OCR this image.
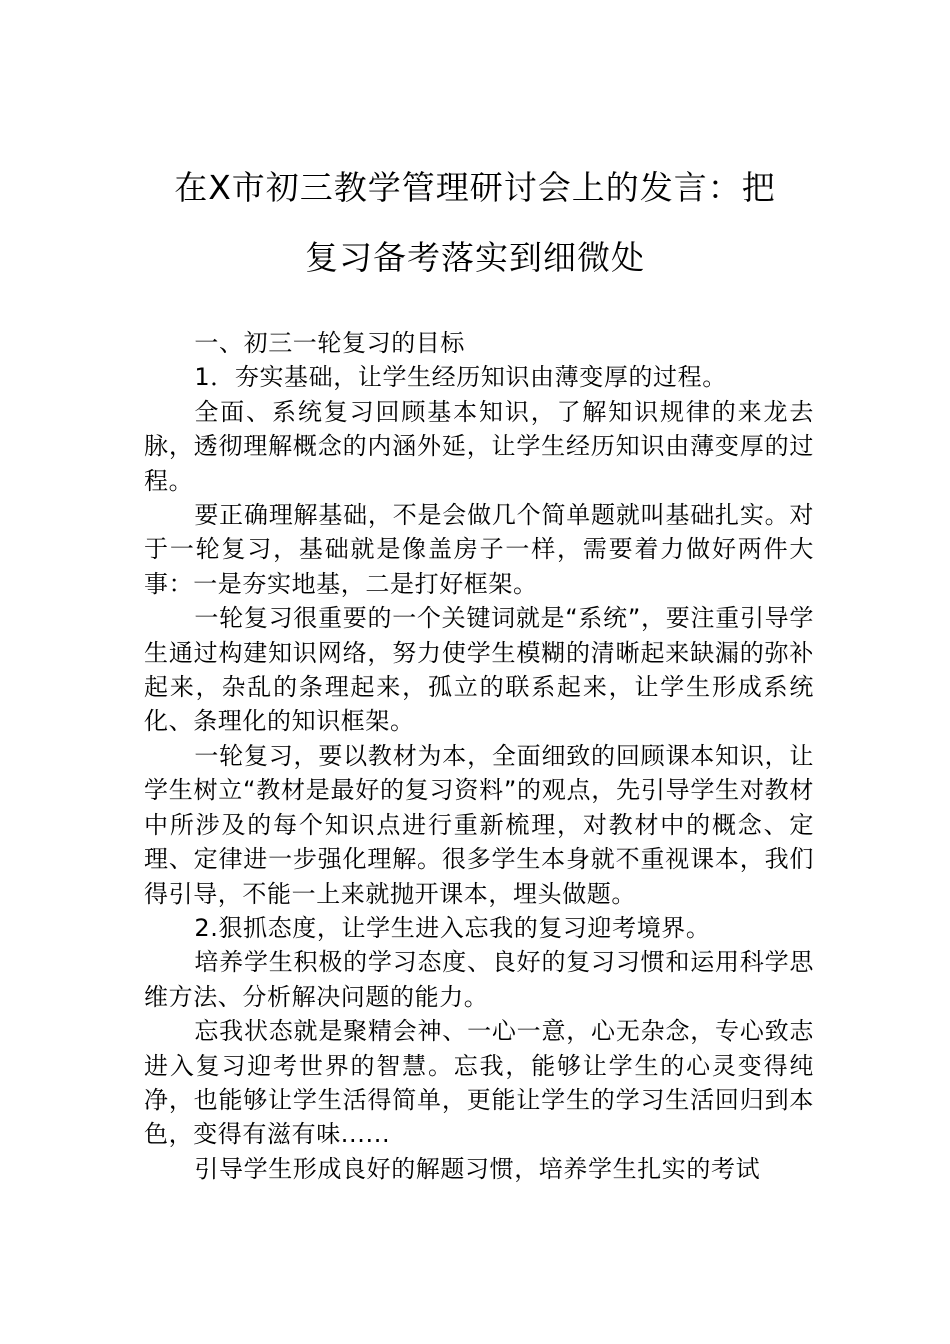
在X市初三教学管理研讨会上的发言：把
复习备考落实到细微处

一、初三一轮复习的目标

1．夯实基础，让学生经历知识由薄变厚的过程。

全面、系统复习回顾基本知识，了解知识规律的来龙去脉，透彻理解概念的内涵外延，让学生经历知识由薄变厚的过程。

要正确理解基础，不是会做几个简单题就叫基础扎实。对于一轮复习，基础就是像盖房子一样，需要着力做好两件大事：一是夯实地基，二是打好框架。

一轮复习很重要的一个关键词就是“系统”，要注重引导学生通过构建知识网络，努力使学生模糊的清晰起来缺漏的弥补起来，杂乱的条理起来，孤立的联系起来，让学生形成系统化、条理化的知识框架。

一轮复习，要以教材为本，全面细致的回顾课本知识，让学生树立“教材是最好的复习资料”的观点，先引导学生对教材中所涉及的每个知识点进行重新梳理，对教材中的概念、定理、定律进一步强化理解。很多学生本身就不重视课本，我们得引导，不能一上来就抛开课本，埋头做题。

2.狠抓态度，让学生进入忘我的复习迎考境界。

培养学生积极的学习态度、良好的复习习惯和运用科学思维方法、分析解决问题的能力。

忘我状态就是聚精会神、一心一意，心无杂念，专心致志进入复习迎考世界的智慧。忘我，能够让学生的心灵变得纯净，也能够让学生活得简单，更能让学生的学习生活回归到本色，变得有滋有味......

引导学生形成良好的解题习惯，培养学生扎实的考试
